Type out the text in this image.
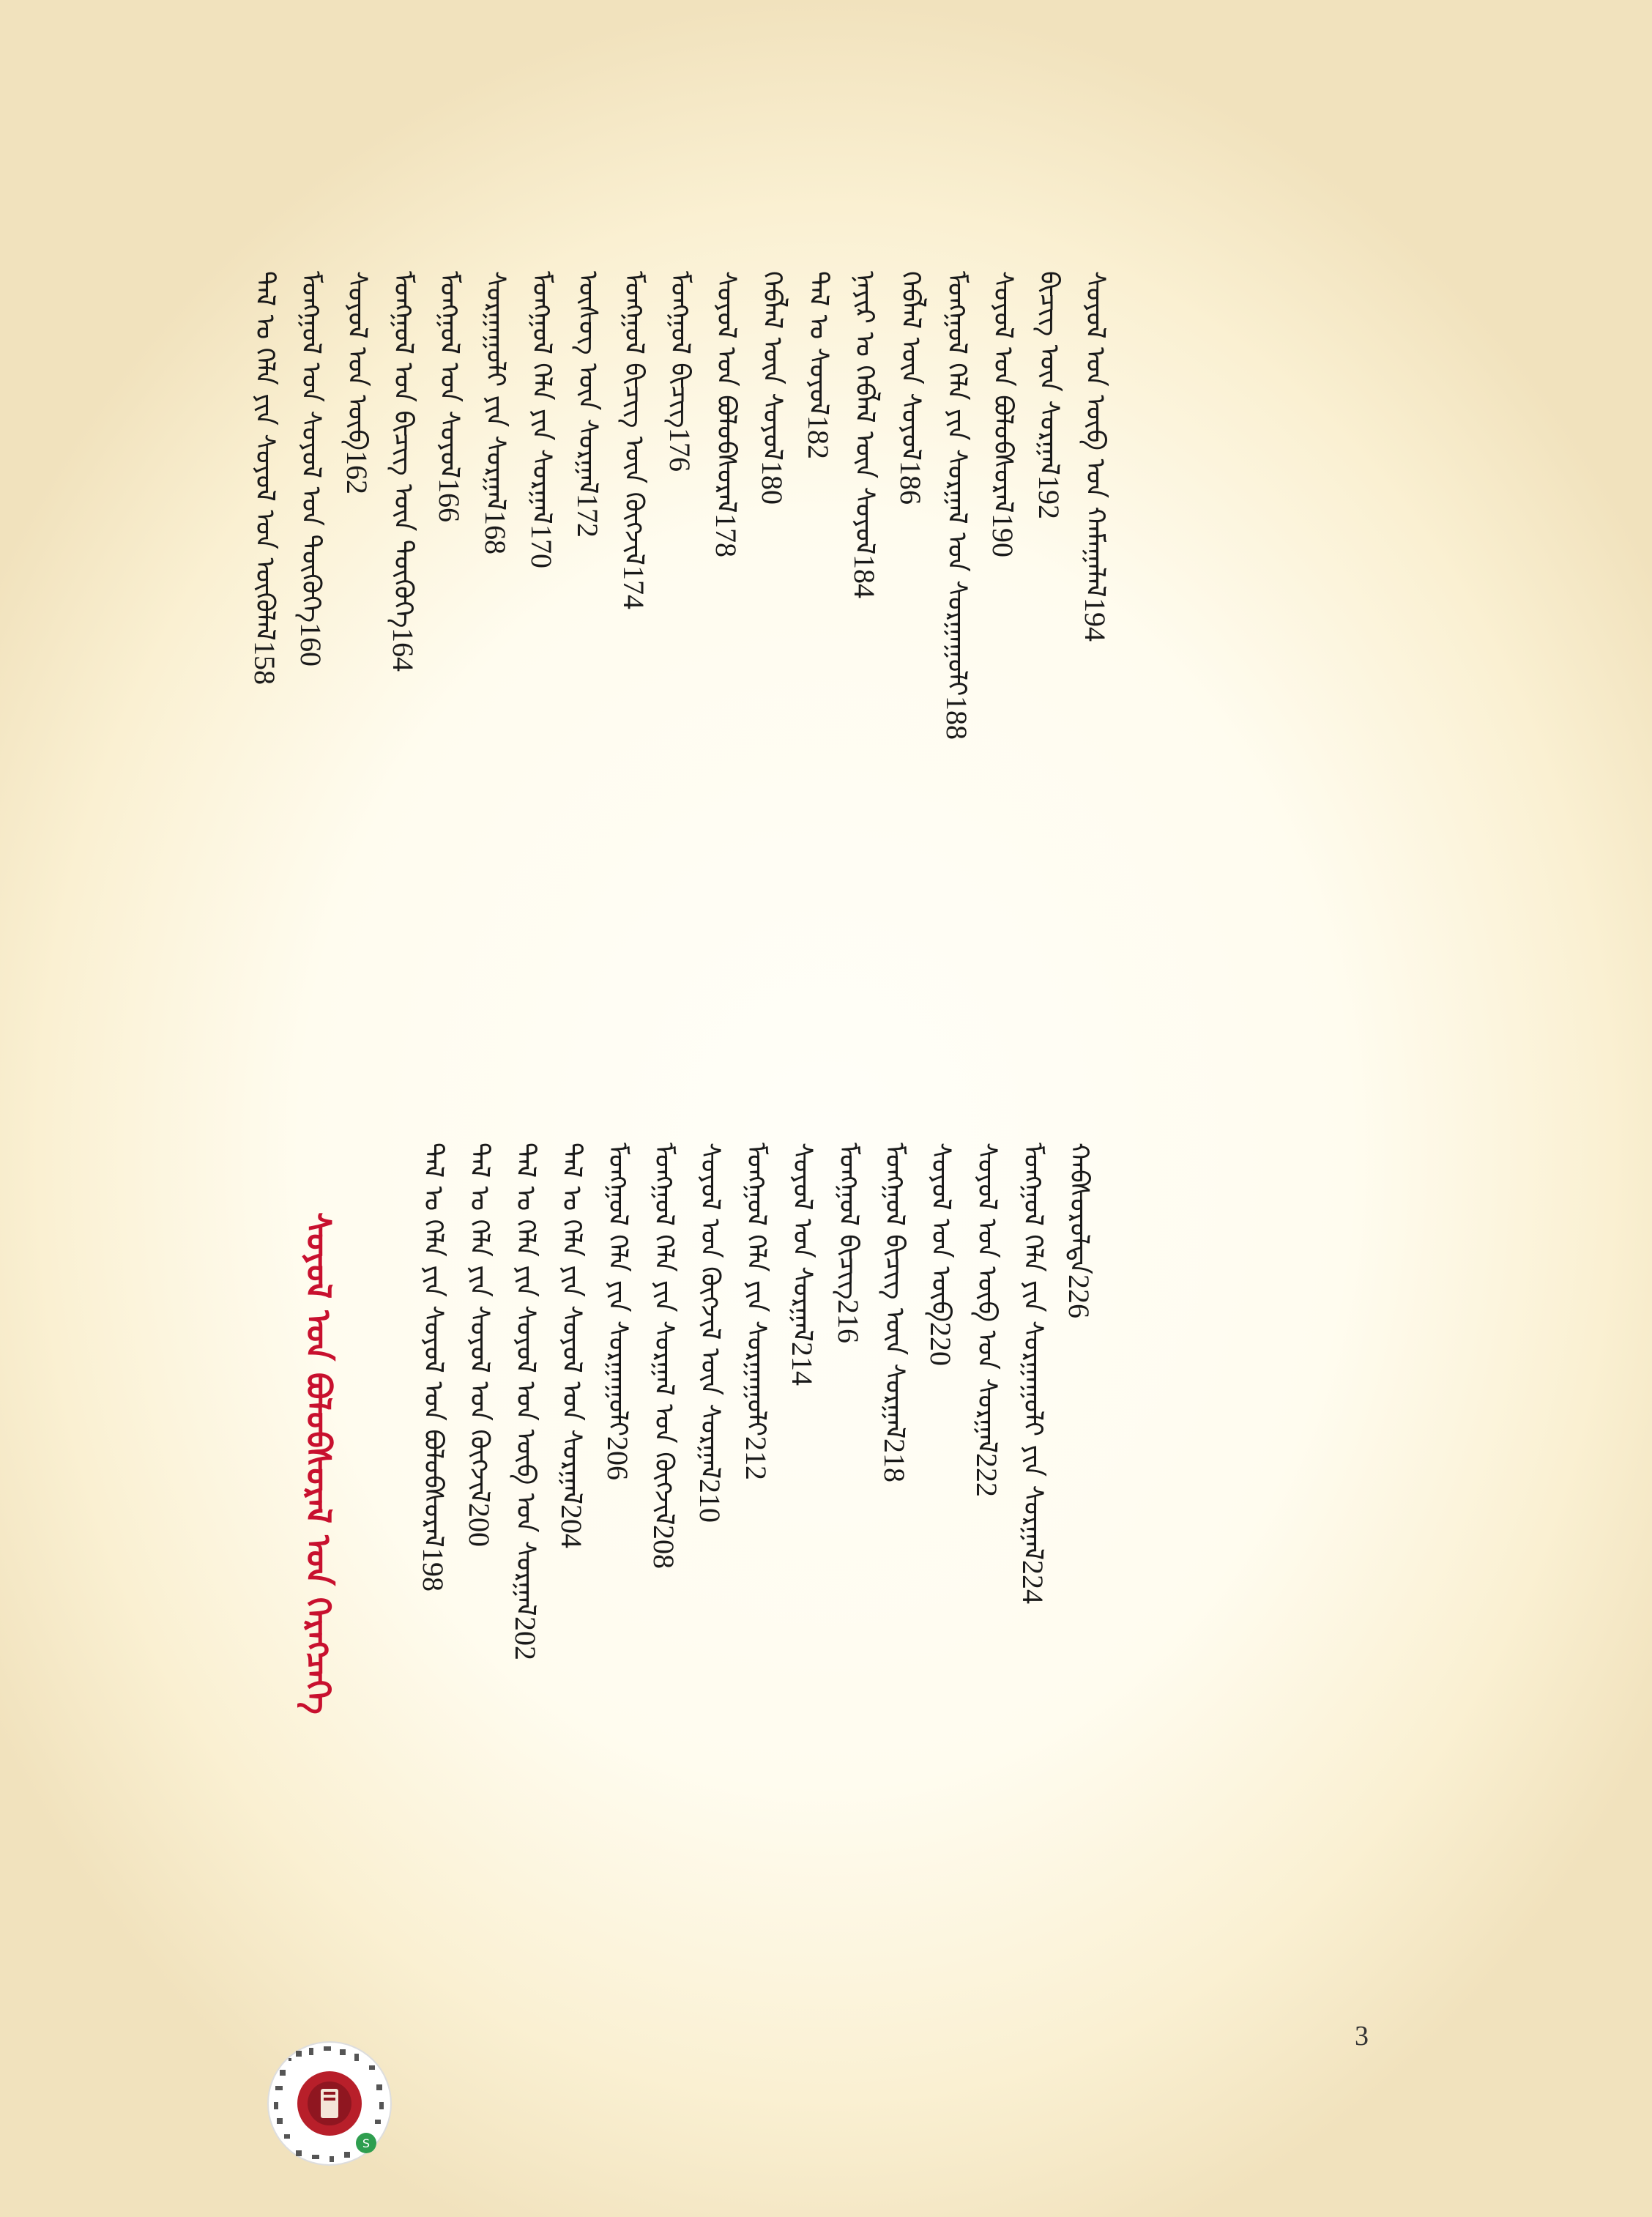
ᠰᠣᠶᠣᠯ ᠤᠨ ᠪᠣᠯᠣᠪᠰᠤᠷᠠᠯ ᠤᠨ ᠬᠡᠷᠡᠭᠴᠡᠭᠡ
ᠲᠠᠯ ᠤ ᠬᠡᠯᠡ ᠶᠢᠨ ᠰᠣᠶᠣᠯ ᠤᠨ ᠦᠬᠦᠯᠡᠯ
158
ᠮᠣᠩᠭᠣᠯ ᠤᠨ ᠰᠣᠶᠣᠯ ᠤᠨ ᠲᠦᠭᠦᠬᠡ
160
ᠰᠣᠶᠣᠯ ᠤᠨ ᠦᠪ
162 ᠮᠣᠩᠭᠣᠯ ᠤᠨ ᠪᠢᠴᠢᠭ ᠦᠨ ᠲᠦᠭᠦᠬᠡ
164
ᠮᠣᠩᠭᠣᠯ ᠤᠨ ᠰᠣᠶᠣᠯ
166 ᠰᠤᠷᠭᠠᠭᠤᠯᠢ ᠶᠢᠨ ᠰᠤᠷᠭᠠᠯ
168
ᠮᠣᠩᠭᠣᠯ ᠬᠡᠯᠡ ᠶᠢᠨ ᠰᠤᠷᠭᠠᠯ
170
ᠦᠰᠦᠭ ᠦᠨ ᠰᠤᠷᠭᠠᠯ
172 ᠮᠣᠩᠭᠣᠯ ᠪᠢᠴᠢᠭ ᠦᠨ ᠬᠦᠭᠵᠢᠯ
174
ᠮᠣᠩᠭᠣᠯ ᠪᠢᠴᠢᠭ
176 ᠰᠣᠶᠣᠯ ᠤᠨ ᠪᠣᠯᠣᠪᠰᠤᠷᠠᠯ
178
ᠬᠡᠪᠯᠡᠯ ᠦᠨ ᠰᠣᠶᠣᠯ
180
ᠲᠠᠯ ᠤ ᠰᠣᠶᠣᠯ
182 ᠨᠠᠶᠢᠷ ᠤ ᠬᠡᠪᠯᠡᠯ ᠦᠨ ᠰᠣᠶᠣᠯ
184
ᠬᠡᠪᠯᠡᠯ ᠦᠨ ᠰᠣᠶᠣᠯ
186 ᠮᠣᠩᠭᠣᠯ ᠬᠡᠯᠡ ᠶᠢᠨ ᠰᠤᠷᠭᠠᠯ ᠤᠨ ᠰᠤᠷᠭᠠᠭᠤᠯᠢ
188
ᠰᠣᠶᠣᠯ ᠤᠨ ᠪᠣᠯᠣᠪᠰᠤᠷᠠᠯ
190
ᠪᠢᠴᠢᠭ ᠦᠨ ᠰᠤᠷᠭᠠᠯ
192 ᠰᠣᠶᠣᠯ ᠤᠨ ᠦᠪ ᠤᠨ ᠬᠠᠮᠠᠭᠠᠯᠠᠯ
194
ᠲᠠᠯ ᠤ ᠬᠡᠯᠡ ᠶᠢᠨ ᠰᠣᠶᠣᠯ ᠤᠨ ᠪᠣᠯᠣᠪᠰᠤᠷᠠᠯ
198
ᠲᠠᠯ ᠤ ᠬᠡᠯᠡ ᠶᠢᠨ ᠰᠣᠶᠣᠯ ᠤᠨ ᠬᠦᠭᠵᠢᠯ
200 ᠲᠠᠯ ᠤ ᠬᠡᠯᠡ ᠶᠢᠨ ᠰᠣᠶᠣᠯ ᠤᠨ ᠦᠪ ᠤᠨ ᠰᠤᠷᠭᠠᠯ
202
ᠲᠠᠯ ᠤ ᠬᠡᠯᠡ ᠶᠢᠨ ᠰᠣᠶᠣᠯ ᠤᠨ ᠰᠤᠷᠭᠠᠯ
204
ᠮᠣᠩᠭᠣᠯ ᠬᠡᠯᠡ ᠶᠢᠨ ᠰᠤᠷᠭᠠᠭᠤᠯᠢ
206 ᠮᠣᠩᠭᠣᠯ ᠬᠡᠯᠡ ᠶᠢᠨ ᠰᠤᠷᠭᠠᠯ ᠤᠨ ᠬᠦᠭᠵᠢᠯ
208
ᠰᠣᠶᠣᠯ ᠤᠨ ᠬᠦᠭᠵᠢᠯ ᠦᠨ ᠰᠤᠷᠭᠠᠯ
210
ᠮᠣᠩᠭᠣᠯ ᠬᠡᠯᠡ ᠶᠢᠨ ᠰᠤᠷᠭᠠᠭᠤᠯᠢ
212
ᠰᠣᠶᠣᠯ ᠤᠨ ᠰᠤᠷᠭᠠᠯ
214
ᠮᠣᠩᠭᠣᠯ ᠪᠢᠴᠢᠭ
216 ᠮᠣᠩᠭᠣᠯ ᠪᠢᠴᠢᠭ ᠦᠨ ᠰᠤᠷᠭᠠᠯ
218
ᠰᠣᠶᠣᠯ ᠤᠨ ᠦᠪ
220 ᠰᠣᠶᠣᠯ ᠤᠨ ᠦᠪ ᠤᠨ ᠰᠤᠷᠭᠠᠯ
222 ᠮᠣᠩᠭᠣᠯ ᠬᠡᠯᠡ ᠶᠢᠨ ᠰᠤᠷᠭᠠᠭᠤᠯᠢ ᠶᠢᠨ ᠰᠤᠷᠭᠠᠯ
224
ᠬᠠᠪᠰᠤᠷᠤᠯᠲᠠ
226
3
S
